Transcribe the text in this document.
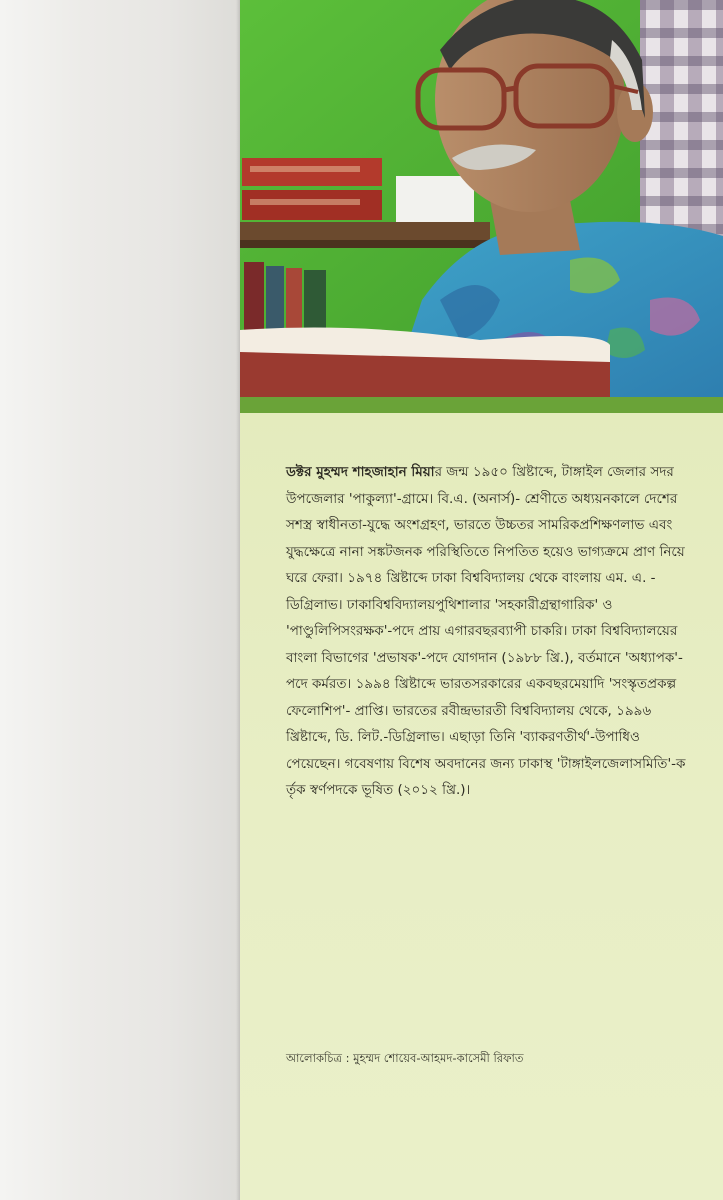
ডক্টর মুহম্মদ শাহজাহান মিয়ার জন্ম ১৯৫০ খ্রিষ্টাব্দে, টাঙ্গাইল জেলার সদর উপজেলার 'পাকুল্যা'-গ্রামে। বি.এ. (অনার্স)- শ্রেণীতে অধ্যয়নকালে দেশের সশস্ত্র স্বাধীনতা-যুদ্ধে অংশগ্রহণ, ভারতে উচ্চতর সামরিকপ্রশিক্ষণলাভ এবং যুদ্ধক্ষেত্রে নানা সঙ্কটজনক পরিস্থিতিতে নিপতিত হয়েও ভাগ্যক্রমে প্রাণ নিয়ে ঘরে ফেরা। ১৯৭৪ খ্রিষ্টাব্দে ঢাকা বিশ্ববিদ্যালয় থেকে বাংলায় এম. এ. - ডিগ্রিলাভ। ঢাকাবিশ্ববিদ্যালয়পুথিশালার 'সহকারীগ্রন্থাগারিক' ও 'পাণ্ডুলিপিসংরক্ষক'-পদে প্রায় এগারবছরব্যাপী চাকরি। ঢাকা বিশ্ববিদ্যালয়ের বাংলা বিভাগের 'প্রভাষক'-পদে যোগদান (১৯৮৮ খ্রি.), বর্তমানে 'অধ্যাপক'-পদে কর্মরত। ১৯৯৪ খ্রিষ্টাব্দে ভারতসরকারের একবছরমেয়াদি 'সংস্কৃতপ্রকল্পফেলোশিপ'- প্রাপ্তি। ভারতের রবীন্দ্রভারতী বিশ্ববিদ্যালয় থেকে, ১৯৯৬ খ্রিষ্টাব্দে, ডি. লিট.-ডিগ্রিলাভ। এছাড়া তিনি 'ব্যাকরণতীর্থ'-উপাধিও পেয়েছেন। গবেষণায় বিশেষ অবদানের জন্য ঢাকাস্থ 'টাঙ্গাইলজেলাসমিতি'-কর্তৃক স্বর্ণপদকে ভূষিত (২০১২ খ্রি.)।

আলোকচিত্র : মুহম্মদ শোয়েব-আহমদ-কাসেমী রিফাত
